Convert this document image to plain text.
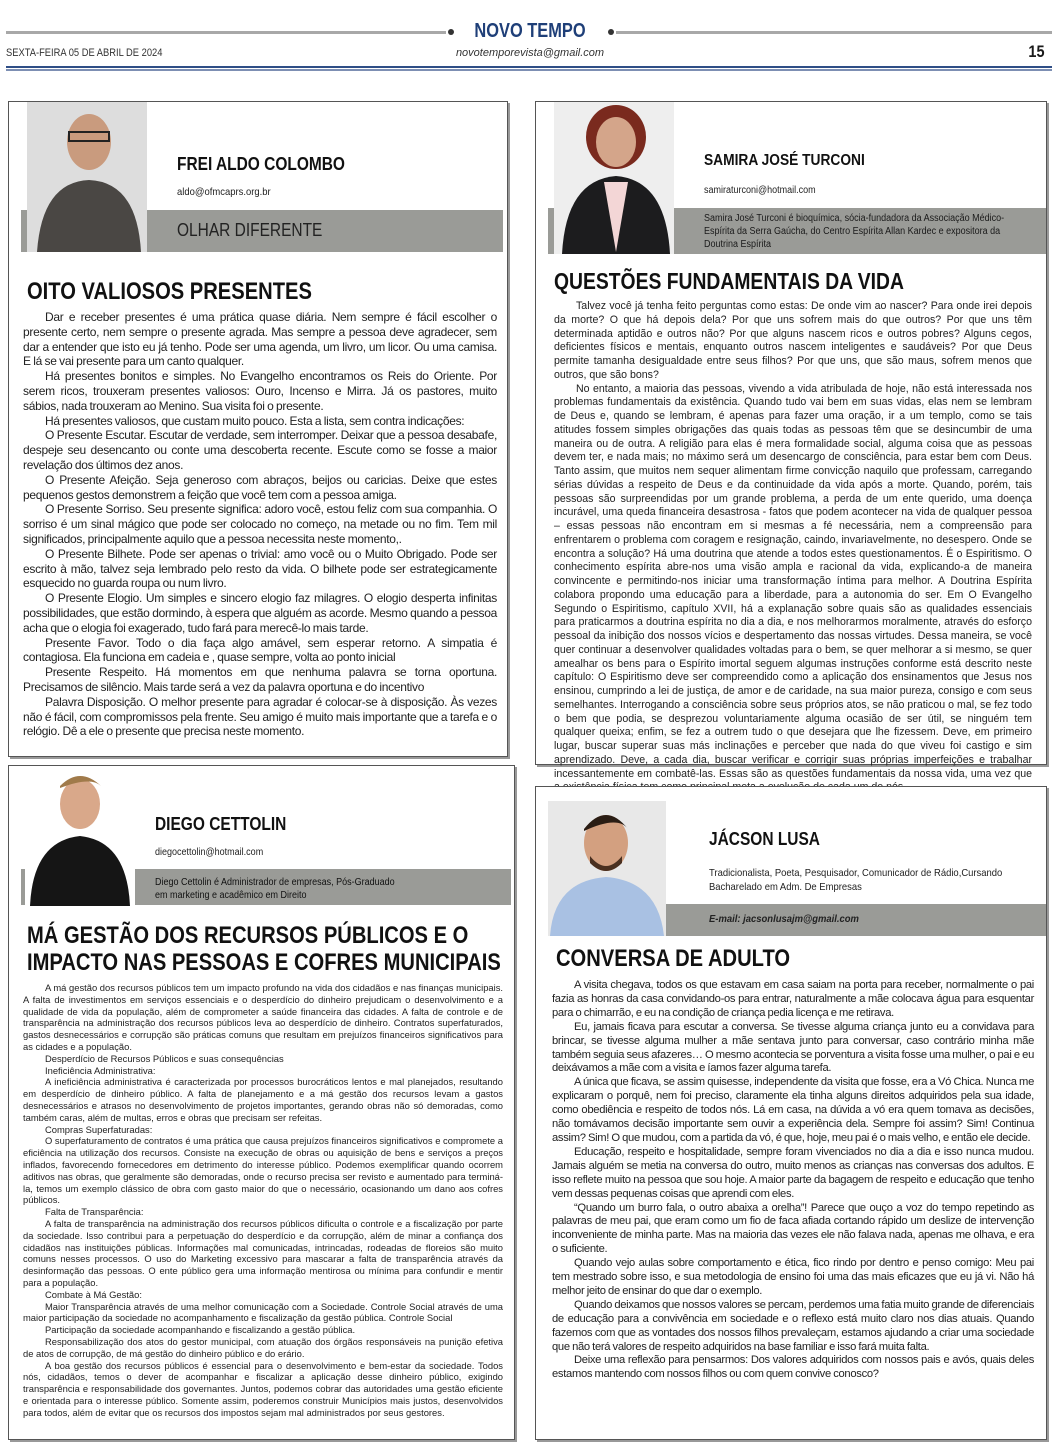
NOVO TEMPO
SEXTA-FEIRA 05 DE ABRIL DE 2024	novotemporevista@gmail.com	15
FREI ALDO COLOMBO
aldo@ofmcaprs.org.br
OLHAR DIFERENTE
OITO VALIOSOS PRESENTES

Dar e receber presentes é uma prática quase diária. Nem sempre é fácil escolher o presente certo, nem sempre o presente agrada. Mas sempre a pessoa deve agradecer, sem dar a entender que isto eu já tenho. Pode ser uma agenda, um livro, um licor. Ou uma camisa. E lá se vai presente para um canto qualquer.

Há presentes bonitos e simples. No Evangelho encontramos os Reis do Oriente. Por serem ricos, trouxeram presentes valiosos: Ouro, Incenso e Mirra. Já os pastores, muito sábios, nada trouxeram ao Menino. Sua visita foi o presente.

Há presentes valiosos, que custam muito pouco. Esta a lista, sem contra indicações:

O Presente Escutar. Escutar de verdade, sem interromper. Deixar que a pessoa desabafe, despeje seu desencanto ou conte uma descoberta recente. Escute como se fosse a maior revelação dos últimos dez anos.

O Presente Afeição. Seja generoso com abraços, beijos ou caricias. Deixe que estes pequenos gestos demonstrem a feição que você tem com a pessoa amiga.

O Presente Sorriso. Seu presente significa: adoro você, estou feliz com sua companhia. O sorriso é um sinal mágico que pode ser colocado no começo, na metade ou no fim. Tem mil significados, principalmente aquilo que a pessoa necessita neste momento,.

O Presente Bilhete. Pode ser apenas o trivial: amo você ou o Muito Obrigado. Pode ser escrito à mão, talvez seja lembrado pelo resto da vida. O bilhete pode ser estrategicamente esquecido no guarda roupa ou num livro.

O Presente Elogio. Um simples e sincero elogio faz milagres. O elogio desperta infinitas possibilidades, que estão dormindo, à espera que alguém as acorde. Mesmo quando a pessoa acha que o elogia foi exagerado, tudo fará para merecê-lo mais tarde.

Presente Favor. Todo o dia faça algo amável, sem esperar retorno. A simpatia é contagiosa. Ela funciona em cadeia e , quase sempre, volta ao ponto inicial

Presente Respeito. Há momentos em que nenhuma palavra se torna oportuna. Precisamos de silêncio. Mais tarde será a vez da palavra oportuna e do incentivo

Palavra Disposição. O melhor presente para agradar é colocar-se à disposição. Às vezes não é fácil, com compromissos pela frente. Seu amigo é muito mais importante que a tarefa e o relógio. Dê a ele o presente que precisa neste momento.

SAMIRA JOSÉ TURCONI
samiraturconi@hotmail.com
Samira José Turconi é bioquímica, sócia-fundadora da Associação Médico-Espírita da Serra Gaúcha, do Centro Espírita Allan Kardec e expositora da Doutrina Espírita
QUESTÕES FUNDAMENTAIS DA VIDA

Talvez você já tenha feito perguntas como estas: De onde vim ao nascer? Para onde irei depois da morte? O que há depois dela? Por que uns sofrem mais do que outros? Por que uns têm determinada aptidão e outros não? Por que alguns nascem ricos e outros pobres? Alguns cegos, deficientes físicos e mentais, enquanto outros nascem inteligentes e saudáveis? Por que Deus permite tamanha desigualdade entre seus filhos? Por que uns, que são maus, sofrem menos que outros, que são bons?

No entanto, a maioria das pessoas, vivendo a vida atribulada de hoje, não está interessada nos problemas fundamentais da existência. Quando tudo vai bem em suas vidas, elas nem se lembram de Deus e, quando se lembram, é apenas para fazer uma oração, ir a um templo, como se tais atitudes fossem simples obrigações das quais todas as pessoas têm que se desincumbir de uma maneira ou de outra. A religião para elas é mera formalidade social, alguma coisa que as pessoas devem ter, e nada mais; no máximo será um desencargo de consciência, para estar bem com Deus. Tanto assim, que muitos nem sequer alimentam firme convicção naquilo que professam, carregando sérias dúvidas a respeito de Deus e da continuidade da vida após a morte. Quando, porém, tais pessoas são surpreendidas por um grande problema, a perda de um ente querido, uma doença incurável, uma queda financeira desastrosa - fatos que podem acontecer na vida de qualquer pessoa – essas pessoas não encontram em si mesmas a fé necessária, nem a compreensão para enfrentarem o problema com coragem e resignação, caindo, invariavelmente, no desespero. Onde se encontra a solução? Há uma doutrina que atende a todos estes questionamentos. É o Espiritismo. O conhecimento espírita abre-nos uma visão ampla e racional da vida, explicando-a de maneira convincente e permitindo-nos iniciar uma transformação íntima para melhor. A Doutrina Espírita colabora propondo uma educação para a liberdade, para a autonomia do ser. Em O Evangelho Segundo o Espiritismo, capítulo XVII, há a explanação sobre quais são as qualidades essenciais para praticarmos a doutrina espírita no dia a dia, e nos melhorarmos moralmente, através do esforço pessoal da inibição dos nossos vícios e despertamento das nossas virtudes. Dessa maneira, se você quer continuar a desenvolver qualidades voltadas para o bem, se quer melhorar a si mesmo, se quer amealhar os bens para o Espírito imortal seguem algumas instruções conforme está descrito neste capítulo: O Espiritismo deve ser compreendido como a aplicação dos ensinamentos que Jesus nos ensinou, cumprindo a lei de justiça, de amor e de caridade, na sua maior pureza, consigo e com seus semelhantes. Interrogando a consciência sobre seus próprios atos, se não praticou o mal, se fez todo o bem que podia, se desprezou voluntariamente alguma ocasião de ser útil, se ninguém tem qualquer queixa; enfim, se fez a outrem tudo o que desejara que lhe fizessem. Deve, em primeiro lugar, buscar superar suas más inclinações e perceber que nada do que viveu foi castigo e sim aprendizado. Deve, a cada dia, buscar verificar e corrigir suas próprias imperfeições e trabalhar incessantemente em combatê-las. Essas são as questões fundamentais da nossa vida, uma vez que

DIEGO CETTOLIN
diegocettolin@hotmail.com
Diego Cettolin é Administrador de empresas, Pós-Graduado em marketing e acadêmico em Direito
MÁ GESTÃO DOS RECURSOS PÚBLICOS E O
IMPACTO NAS PESSOAS E COFRES MUNICIPAIS

A má gestão dos recursos públicos tem um impacto profundo na vida dos cidadãos e nas finanças municipais. A falta de investimentos em serviços essenciais e o desperdício do dinheiro prejudicam o desenvolvimento e a qualidade de vida da população, além de comprometer a saúde financeira das cidades. A falta de controle e de transparência na administração dos recursos públicos leva ao desperdício de dinheiro. Contratos superfaturados, gastos desnecessários e corrupção são práticas comuns que resultam em prejuízos financeiros significativos para as cidades e a população.

Desperdício de Recursos Públicos e suas consequências

Ineficiência Administrativa:

A ineficiência administrativa é caracterizada por processos burocráticos lentos e mal planejados, resultando em desperdício de dinheiro público. A falta de planejamento e a má gestão dos recursos levam a gastos desnecessários e atrasos no desenvolvimento de projetos importantes, gerando obras não só demoradas, como também caras, além de multas, erros e obras que precisam ser refeitas.

Compras Superfaturadas:

O superfaturamento de contratos é uma prática que causa prejuízos financeiros significativos e compromete a eficiência na utilização dos recursos. Consiste na execução de obras ou aquisição de bens e serviços a preços inflados, favorecendo fornecedores em detrimento do interesse público. Podemos exemplificar quando ocorrem aditivos nas obras, que geralmente são demoradas, onde o recurso precisa ser revisto e aumentado para terminá-la, temos um exemplo clássico de obra com gasto maior do que o necessário, ocasionando um dano aos cofres públicos.

Falta de Transparência:

A falta de transparência na administração dos recursos públicos dificulta o controle e a fiscalização por parte da sociedade. Isso contribui para a perpetuação do desperdício e da corrupção, além de minar a confiança dos cidadãos nas instituições públicas. Informações mal comunicadas, intrincadas, rodeadas de floreios são muito comuns nesses processos. O uso do Marketing excessivo para mascarar a falta de transparência através da desinformação das pessoas. O ente público gera uma informação mentirosa ou mínima para confundir e mentir para a população.

Combate à Má Gestão:

Maior Transparência através de uma melhor comunicação com a Sociedade. Controle Social através de uma maior participação da sociedade no acompanhamento e fiscalização da gestão pública. Controle Social

Participação da sociedade acompanhando e fiscalizando a gestão pública.

Responsabilização dos atos do gestor municipal, com atuação dos órgãos responsáveis na punição efetiva de atos de corrupção, de má gestão do dinheiro público e do erário.

A boa gestão dos recursos públicos é essencial para o desenvolvimento e bem-estar da sociedade. Todos nós, cidadãos, temos o dever de acompanhar e fiscalizar a aplicação desse dinheiro público, exigindo transparência e responsabilidade dos governantes. Juntos, podemos cobrar das autoridades uma gestão eficiente e orientada para o interesse público. Somente assim, poderemos construir Municípios mais justos, desenvolvidos para todos, além de evitar que os recursos dos impostos sejam mal administrados por seus gestores.

JÁCSON LUSA
Tradicionalista, Poeta, Pesquisador, Comunicador de Rádio,Cursando Bacharelado em Adm. De Empresas
E-mail: jacsonlusajm@gmail.com
CONVERSA DE ADULTO

A visita chegava, todos os que estavam em casa saiam na porta para receber, normalmente o pai fazia as honras da casa convidando-os para entrar, naturalmente a mãe colocava água para esquentar para o chimarrão, e eu na condição de criança pedia licença e me retirava.

Eu, jamais ficava para escutar a conversa. Se tivesse alguma criança junto eu a convidava para brincar, se tivesse alguma mulher a mãe sentava junto para conversar, caso contrário minha mãe também seguia seus afazeres… O mesmo acontecia se porventura a visita fosse uma mulher, o pai e eu deixávamos a mãe com a visita e íamos fazer alguma tarefa.

A única que ficava, se assim quisesse, independente da visita que fosse, era a Vó Chica. Nunca me explicaram o porquê, nem foi preciso, claramente ela tinha alguns direitos adquiridos pela sua idade, como obediência e respeito de todos nós. Lá em casa, na dúvida a vó era quem tomava as decisões, não tomávamos decisão importante sem ouvir a experiência dela. Sempre foi assim? Sim! Continua assim? Sim! O que mudou, com a partida da vó, é que, hoje, meu pai é o mais velho, e então ele decide.

Educação, respeito e hospitalidade, sempre foram vivenciados no dia a dia e isso nunca mudou. Jamais alguém se metia na conversa do outro, muito menos as crianças nas conversas dos adultos. E isso reflete muito na pessoa que sou hoje. A maior parte da bagagem de respeito e educação que tenho vem dessas pequenas coisas que aprendi com eles.

“Quando um burro fala, o outro abaixa a orelha”! Parece que ouço a voz do tempo repetindo as palavras de meu pai, que eram como um fio de faca afiada cortando rápido um deslize de intervenção inconveniente de minha parte. Mas na maioria das vezes ele não falava nada, apenas me olhava, e era o suficiente.

Quando vejo aulas sobre comportamento e ética, fico rindo por dentro e penso comigo: Meu pai tem mestrado sobre isso, e sua metodologia de ensino foi uma das mais eficazes que eu já vi. Não há melhor jeito de ensinar do que dar o exemplo.

Quando deixamos que nossos valores se percam, perdemos uma fatia muito grande de diferenciais de educação para a convivência em sociedade e o reflexo está muito claro nos dias atuais. Quando fazemos com que as vontades dos nossos filhos prevaleçam, estamos ajudando a criar uma sociedade que não terá valores de respeito adquiridos na base familiar e isso fará muita falta.

Deixe uma reflexão para pensarmos: Dos valores adquiridos com nossos pais e avós, quais deles estamos mantendo com nossos filhos ou com quem convive conosco?
